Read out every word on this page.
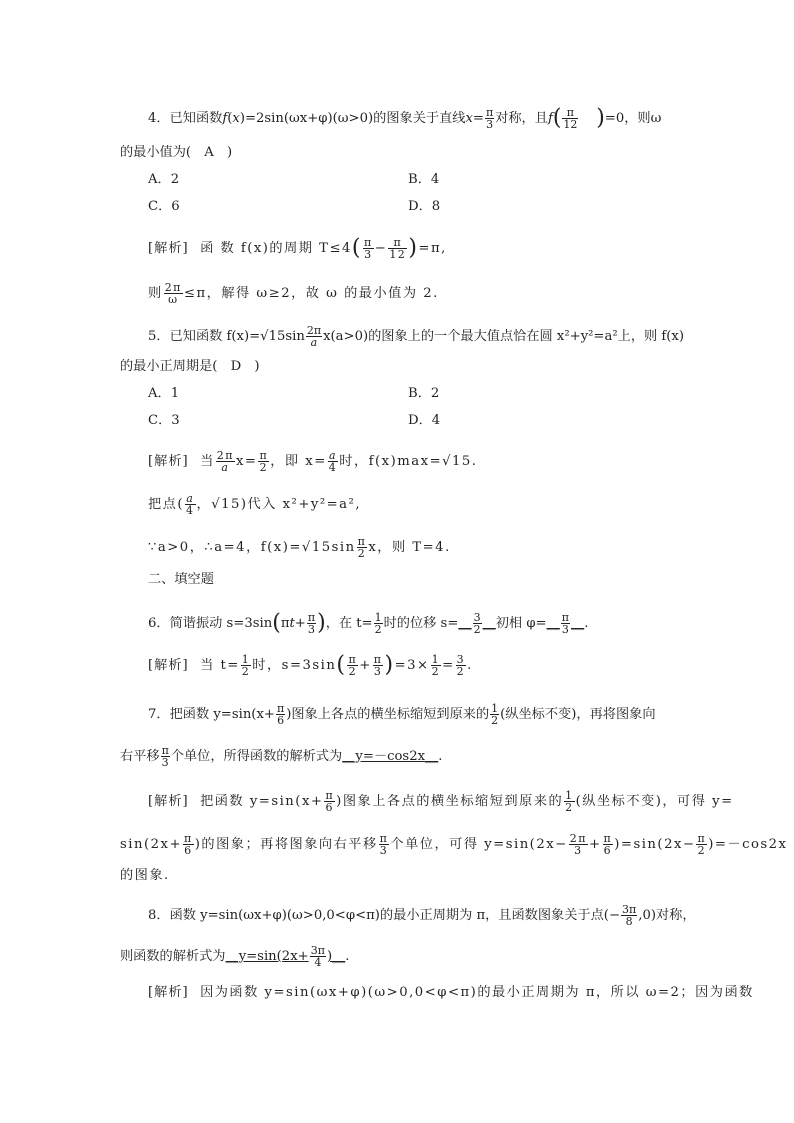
4．已知函数f(x)=2sin(ωx+φ)(ω>0)的图象关于直线$x= \frac{\pi}{3}$ 对称，且$f( \frac{\pi}{12} )=0$，则ω
的最小值为(　A　)
A．2	B．4
C．6	D．8
[解析] 函 数 f(x)的周期 $T\le 4( \frac{\pi}{3} - \frac{\pi}{12} )=\pi$,
则 $\frac{2\pi}{\omega} \le\pi$，解得 ω≥2，故 ω 的最小值为 2.
5．已知函数 $f(x)=√15\sin \frac{2\pi}{a} x(a>0)$的图象上的一个最大值点恰在圆 x²+y²=a²上，则 f(x)
的最小正周期是(　D　)
A．1	B．2
C．3	D．4
[解析] 当 $\frac{2\pi}{a} x= \frac{\pi}{2}$ ，即 $x= \frac{a}{4}$ 时，f(x)max=√15.
把点( $\frac{a}{4}$ ，√15)代入 x²+y²=a²,
∵a>0，∴a=4，$f(x)=√15\sin \frac{\pi}{2}$ x，则 T=4.
二、填空题
6．简谐振动 $s=3\sin(\pi t+ \frac{\pi}{3}$ )，在 $t= \frac{1}{2}$ 时的位移 s=__ $\frac{3}{2}$ __初相 φ=__ $\frac{\pi}{3}$ __.
[解析] 当 $t= \frac{1}{2}$ 时，$s=3\sin( \frac{\pi}{2} + \frac{\pi}{3} )=3\times \frac{1}{2} = \frac{3}{2}$ .
7．把函数 $y=\sin(x+ \frac{\pi}{6}$ )图象上各点的横坐标缩短到原来的 $\frac{1}{2}$ (纵坐标不变)，再将图象向
右平移 $\frac{\pi}{3}$ 个单位，所得函数的解析式为__y=－cos2x__.
[解析] 把函数 $y=\sin(x+ \frac{\pi}{6}$ )图象上各点的横坐标缩短到原来的 $\frac{1}{2}$ (纵坐标不变)，可得 y=
$\sin(2x+ \frac{\pi}{6}$ )的图象；再将图象向右平移 $\frac{\pi}{3}$ 个单位，可得 $y=\sin(2x- \frac{2\pi}{3} + \frac{\pi}{6} )=\sin(2x- \frac{\pi}{2} )=-\cos 2x$
的图象.
8．函数 y=sin(ωx+φ)(ω>0,0<φ<π)的最小正周期为 π，且函数图象关于点(− $\frac{3\pi}{8} ,0$)对称，
则函数的解析式为__y=sin(2x+ $\frac{3\pi}{4}$ )__.
[解析] 因为函数 y=sin(ωx+φ)(ω>0,0<φ<π)的最小正周期为 π，所以 ω=2；因为函数
